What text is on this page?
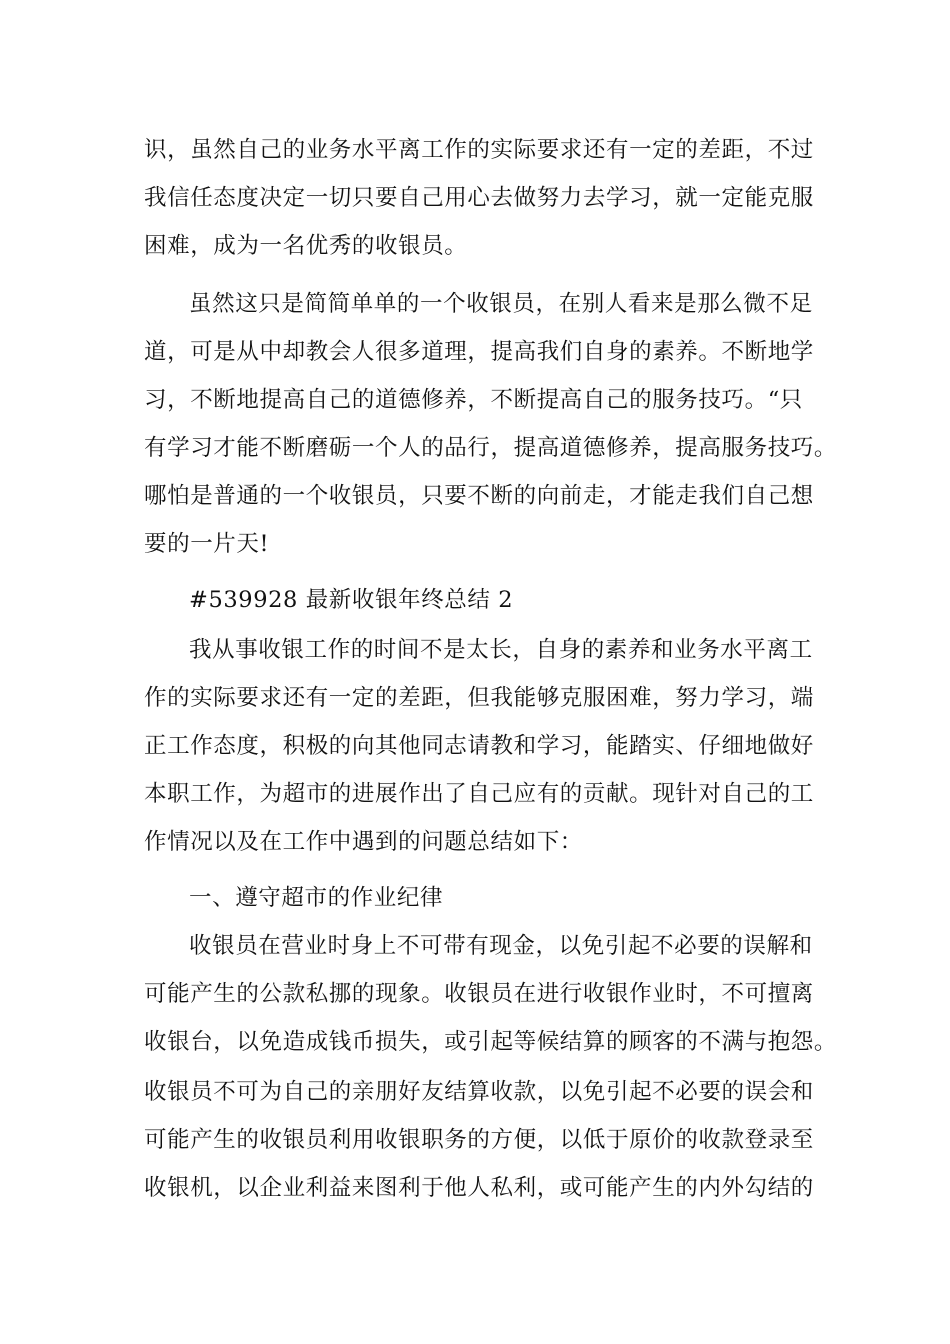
识，虽然自己的业务水平离工作的实际要求还有一定的差距，不过
我信任态度决定一切只要自己用心去做努力去学习，就一定能克服
困难，成为一名优秀的收银员。
虽然这只是简简单单的一个收银员，在别人看来是那么微不足
道，可是从中却教会人很多道理，提高我们自身的素养。不断地学
习，不断地提高自己的道德修养，不断提高自己的服务技巧。“只
有学习才能不断磨砺一个人的品行，提高道德修养，提高服务技巧。
哪怕是普通的一个收银员，只要不断的向前走，才能走我们自己想
要的一片天!
#539928 最新收银年终总结 2
我从事收银工作的时间不是太长，自身的素养和业务水平离工
作的实际要求还有一定的差距，但我能够克服困难，努力学习，端
正工作态度，积极的向其他同志请教和学习，能踏实、仔细地做好
本职工作，为超市的进展作出了自己应有的贡献。现针对自己的工
作情况以及在工作中遇到的问题总结如下：
一、遵守超市的作业纪律
收银员在营业时身上不可带有现金，以免引起不必要的误解和
可能产生的公款私挪的现象。收银员在进行收银作业时，不可擅离
收银台，以免造成钱币损失，或引起等候结算的顾客的不满与抱怨。
收银员不可为自己的亲朋好友结算收款，以免引起不必要的误会和
可能产生的收银员利用收银职务的方便，以低于原价的收款登录至
收银机，以企业利益来图利于他人私利，或可能产生的内外勾结的
